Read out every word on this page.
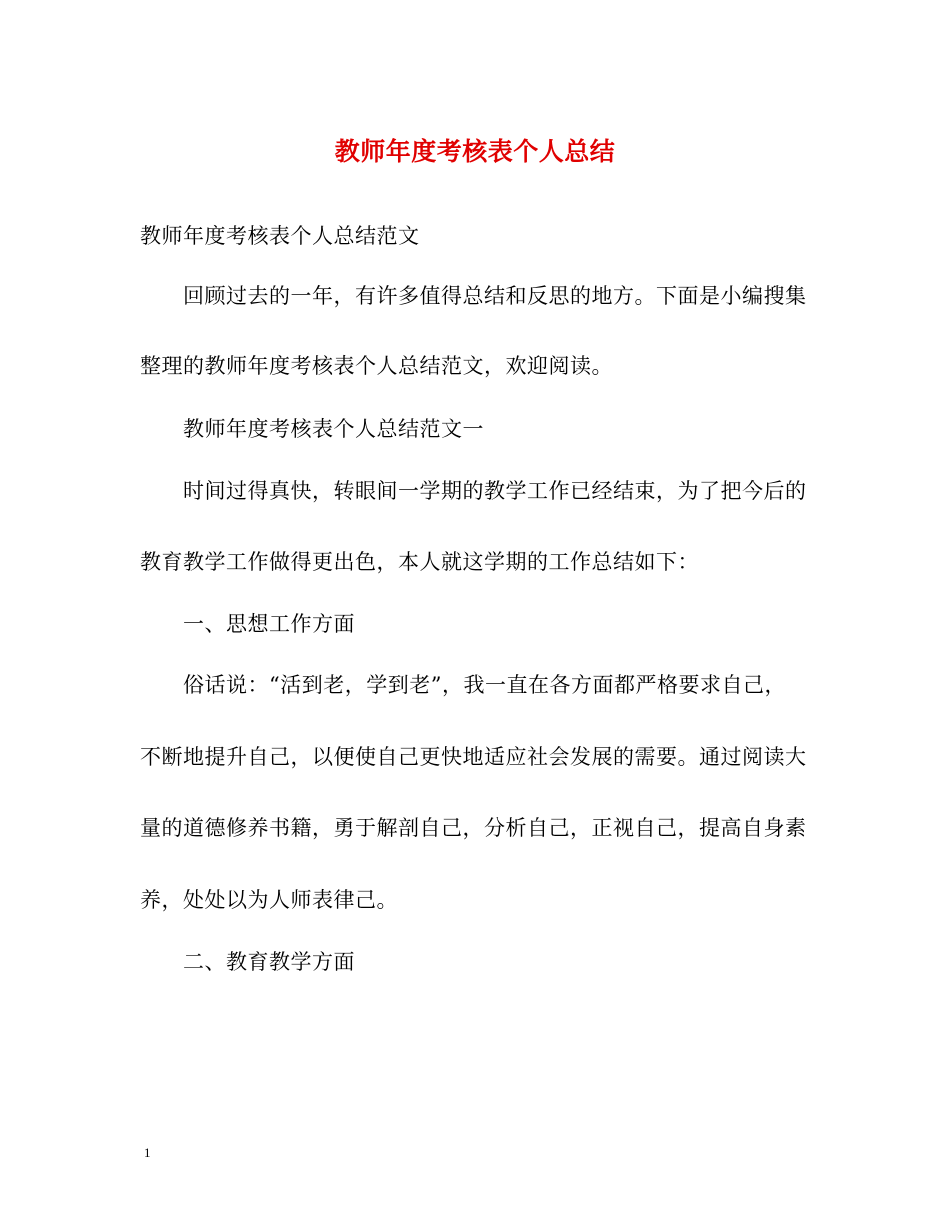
教师年度考核表个人总结
教师年度考核表个人总结范文
回顾过去的一年，有许多值得总结和反思的地方。下面是小编搜集
整理的教师年度考核表个人总结范文，欢迎阅读。
教师年度考核表个人总结范文一
时间过得真快，转眼间一学期的教学工作已经结束，为了把今后的
教育教学工作做得更出色，本人就这学期的工作总结如下：
一、思想工作方面
俗话说：“活到老，学到老”，我一直在各方面都严格要求自己，
不断地提升自己，以便使自己更快地适应社会发展的需要。通过阅读大
量的道德修养书籍，勇于解剖自己，分析自己，正视自己，提高自身素
养，处处以为人师表律己。
二、教育教学方面
1
